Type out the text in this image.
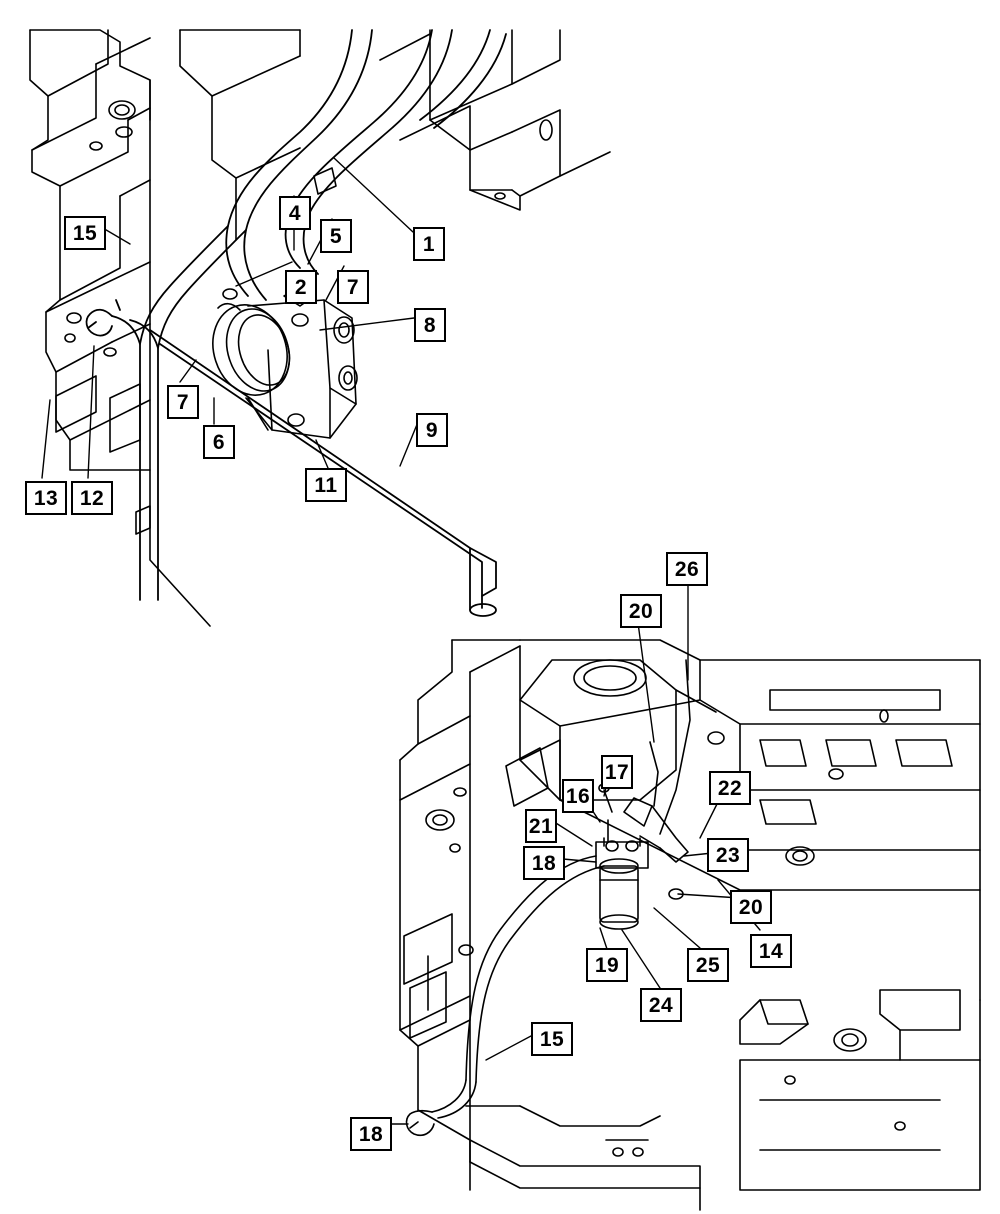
1
2
4
5
7
8
15
7
6
9
11
13	12
26
20
17
16	22
21
23
18
20
14
19	25
24
15
18
